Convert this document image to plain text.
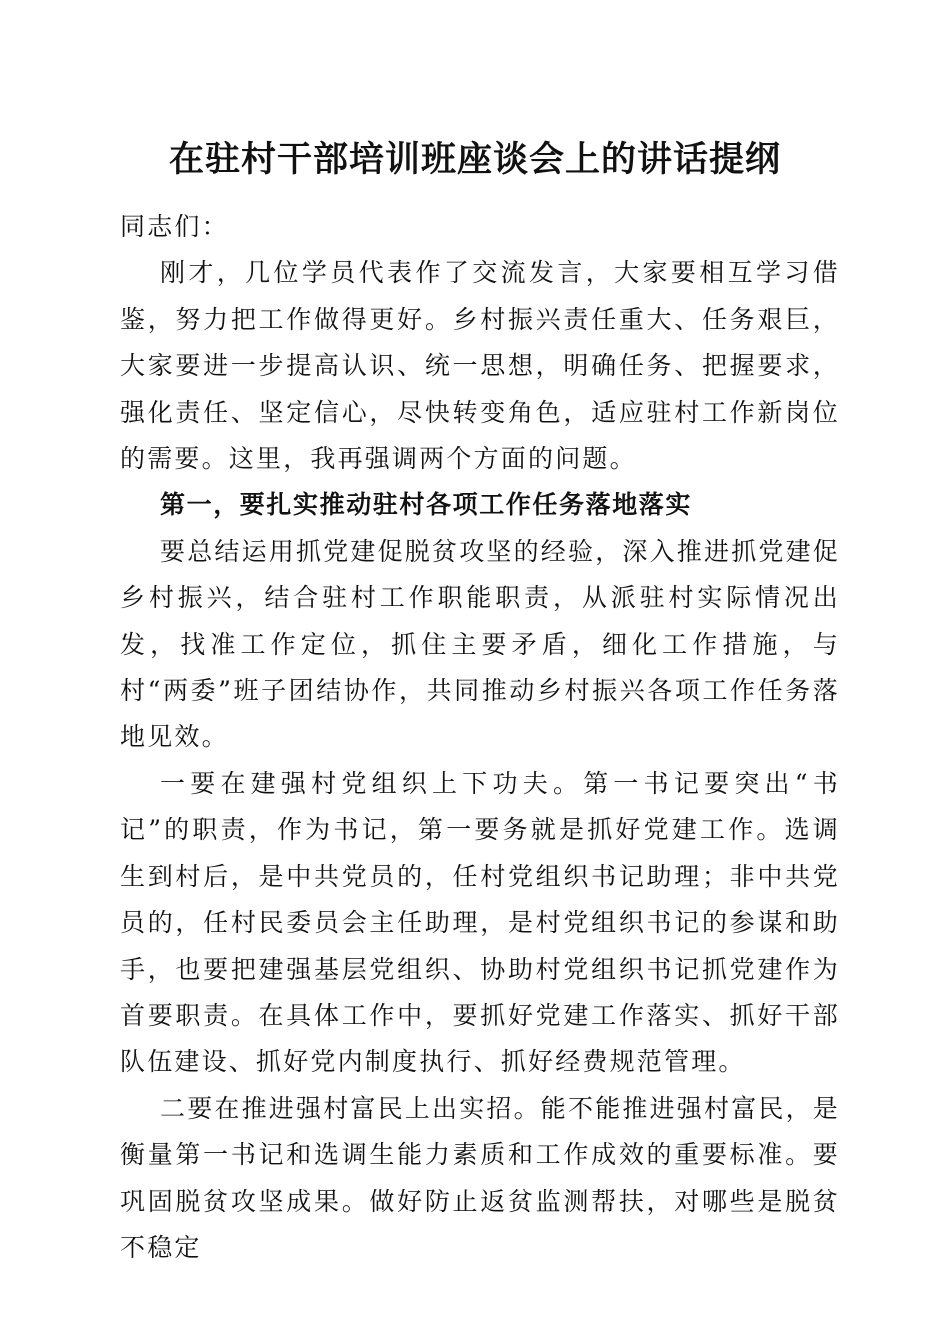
在驻村干部培训班座谈会上的讲话提纲

同志们：

刚才，几位学员代表作了交流发言，大家要相互学习借鉴，努力把工作做得更好。乡村振兴责任重大、任务艰巨，大家要进一步提高认识、统一思想，明确任务、把握要求，强化责任、坚定信心，尽快转变角色，适应驻村工作新岗位的需要。这里，我再强调两个方面的问题。

第一，要扎实推动驻村各项工作任务落地落实

要总结运用抓党建促脱贫攻坚的经验，深入推进抓党建促乡村振兴，结合驻村工作职能职责，从派驻村实际情况出发，找准工作定位，抓住主要矛盾，细化工作措施，与村“两委”班子团结协作，共同推动乡村振兴各项工作任务落地见效。

一要在建强村党组织上下功夫。第一书记要突出“书记”的职责，作为书记，第一要务就是抓好党建工作。选调生到村后，是中共党员的，任村党组织书记助理；非中共党员的，任村民委员会主任助理，是村党组织书记的参谋和助手，也要把建强基层党组织、协助村党组织书记抓党建作为首要职责。在具体工作中，要抓好党建工作落实、抓好干部队伍建设、抓好党内制度执行、抓好经费规范管理。

二要在推进强村富民上出实招。能不能推进强村富民，是衡量第一书记和选调生能力素质和工作成效的重要标准。要巩固脱贫攻坚成果。做好防止返贫监测帮扶，对哪些是脱贫不稳定
